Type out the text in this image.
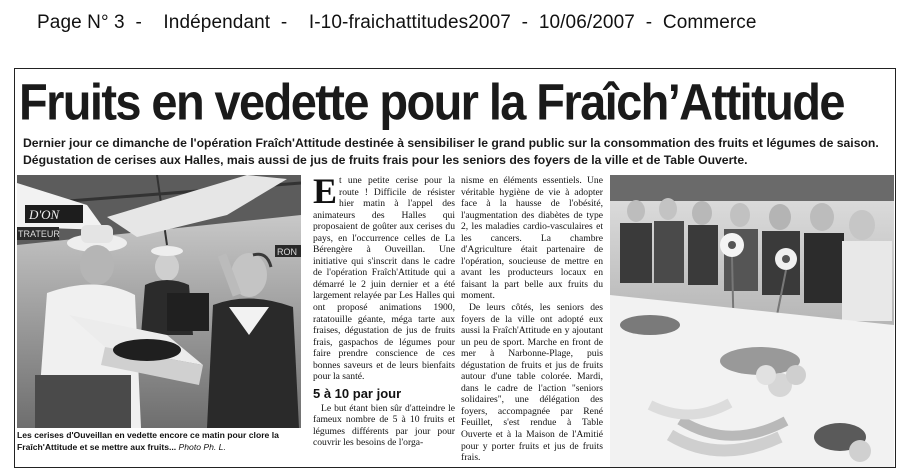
Page N° 3  -    Indépendant  -    I-10-fraichattitudes2007  -  10/06/2007  -  Commerce
Fruits en vedette pour la Fraîch’Attitude
Dernier jour ce dimanche de l'opération Fraîch'Attitude destinée à sensibiliser le grand public sur la consommation des fruits et légumes de saison.
Dégustation de cerises aux Halles, mais aussi de jus de fruits frais pour les seniors des foyers de la ville et de Table Ouverte.
D'ON
TRATEUR
RON
Les cerises d'Ouveillan en vedette encore ce matin pour clore la Fraîch'Attitude et se mettre aux fruits... Photo Ph. L.
Et une petite cerise pour la route ! Difficile de résister hier matin à l'appel des animateurs des Halles qui proposaient de goûter aux cerises du pays, en l'occurrence celles de La Bérengère à Ouveillan. Une initiative qui s'inscrit dans le cadre de l'opération Fraîch'Attitude qui a démarré le 2 juin dernier et a été largement relayée par Les Halles qui ont proposé animations 1900, ratatouille géante, méga tarte aux fraises, dégustation de jus de fruits frais, gaspachos de légumes pour faire prendre conscience de ces bonnes saveurs et de leurs bienfaits pour la santé.
5 à 10 par jour
Le but étant bien sûr d'atteindre le fameux nombre de 5 à 10 fruits et légumes différents par jour pour couvrir les besoins de l'orga-
nisme en éléments essentiels. Une véritable hygiène de vie à adopter face à la hausse de l'obésité, l'augmentation des diabètes de type 2, les maladies cardio-vasculaires et les cancers. La chambre d'Agriculture était partenaire de l'opération, soucieuse de mettre en avant les producteurs locaux en faisant la part belle aux fruits du moment.
De leurs côtés, les seniors des foyers de la ville ont adopté eux aussi la Fraîch'Attitude en y ajoutant un peu de sport. Marche en front de mer à Narbonne-Plage, puis dégustation de fruits et jus de fruits autour d'une table colorée. Mardi, dans le cadre de l'action "seniors solidaires", une délégation des foyers, accompagnée par René Feuillet, s'est rendue à Table Ouverte et à la Maison de l'Amitié pour y porter fruits et jus de fruits frais.
